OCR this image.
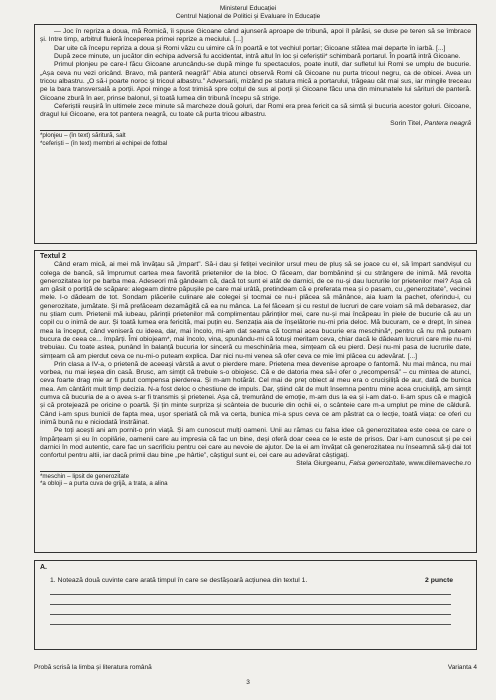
Ministerul Educației
Centrul Național de Politici și Evaluare în Educație

— Joc în repriza a doua, mă Romică, îi spuse Gicoane când ajunseră aproape de tribună, apoi îl părăsi, se duse pe teren să se îmbrace și. Intre timp, arbitrul fluieră începerea primei reprize a meciului. [...]

Dar uite că începu repriza a doua și Romi văzu cu uimire că în poartă e tot vechiul portar; Gicoane stătea mai departe în iarbă. [...]

După zece minute, un jucător din echipa adversă fu accidentat, intră altul în loc și ceferiștii* schimbară portarul. În poartă intră Gicoane.

Primul plonjeu pe care-l făcu Gicoane aruncându-se după minge fu spectaculos, poate inutil, dar sufletul lui Romi se umplu de bucurie. „Așa ceva nu vezi oricând. Bravo, mă panteră neagră!” Abia atunci observă Romi că Gicoane nu purta tricoul negru, ca de obicei. Avea un tricou albastru. „O să-i poarte noroc și tricoul albastru.” Adversarii, mizând pe statura mică a portarului, trăgeau cât mai sus, iar mingile treceau pe la bara transversală a porții. Apoi minge a fost trimisă spre colțul de sus al porții și Gicoane făcu una din minunatele lui sărituri de panteră. Gicoane zbură în aer, prinse balonul, și toată lumea din tribună începu să strige.

Ceferiștii reușiră în ultimele zece minute să marcheze două goluri, dar Romi era prea fericit ca să simtă și bucuria acestor goluri. Gicoane, dragul lui Gicoane, era tot pantera neagră, cu toate că purta tricou albastru.

Sorin Titel, Pantera neagră

*plonjeu – (în text) săritură, salt

*ceferiști – (în text) membri ai echipei de fotbal

Textul 2

Când eram mică, ai mei mă învățau să „împart”. Să-i dau și fetiței vecinilor ursul meu de pluș să se joace cu el, să împart sandvișul cu colega de bancă, să împrumut cartea mea favorită prietenilor de la bloc. O făceam, dar bombănind și cu strângere de inimă. Mă revolta generozitatea lor pe barba mea. Adeseori mă gândeam că, dacă tot sunt ei atât de darnici, de ce nu-și dau lucrurile lor prietenilor mei? Așa că am găsit o portiță de scăpare: alegeam dintre păpușile pe care mai urâtă, pretindeam că e preferata mea și o pasam, cu „generozitate”, vecinei mele. I-o dădeam de tot. Sondam plăcerile culinare ale colegei și tocmai ce nu-i plăcea să mănânce, aia luam la pachet, oferindu-i, cu generozitate, jumătate. Și mă prefăceam dezamăgită că ea nu mânca. La fel făceam și cu restul de lucruri de care voiam să mă debarasez, dar nu știam cum. Prietenii mă iubeau, părinții prietenilor mă complimentau părinților mei, care nu-și mai încăpeau în piele de bucurie că au un copil cu o inimă de aur. Și toată lumea era fericită, mai puțin eu. Senzația aia de înșelătorie nu-mi pria deloc. Mă bucuram, ce e drept, în sinea mea la început, când veniseră cu ideea, dar, mai încolo, mi-am dat seama că tocmai acea bucurie era meschină*, pentru că nu mă puteam bucura de ceea ce... împărți. Îmi obiojeam*, mai încolo, vina, spunându-mi că totuși meritam ceva, chiar dacă le dădeam lucruri care mie nu-mi trebuiau. Cu toate astea, punând în balanță bucuria lor sinceră cu meschinăria mea, simțeam că eu pierd. Deși nu-mi pasa de lucrurile date, simțeam că am pierdut ceva ce nu-mi-o puteam explica. Dar nici nu-mi venea să ofer ceva ce mie îmi plăcea cu adevărat. [...]

Prin clasa a IV-a, o prietenă de aceeași vârstă a avut o pierdere mare. Prietena mea devenise aproape o fantomă. Nu mai mânca, nu mai vorbea, nu mai ieșea din casă. Brusc, am simțit că trebuie s-o obiojesc. Că e de datoria mea să-i ofer o „recompensă” – cu mintea de atunci, ceva foarte drag mie ar fi putut compensa pierderea. Și m-am hotărât. Cel mai de preț obiect al meu era o crucișiliță de aur, dată de bunica mea. Am cântărit mult timp decizia. N-a fost deloc o chestiune de impuls. Dar, știind cât de mult însemna pentru mine acea cruciuliță, am simțit cumva că bucuria de a o avea s-ar fi transmis și prietenei. Așa că, tremurând de emoție, m-am dus la ea și i-am dat-o. Ii-am spus că e magică și că protejează pe oricine o poartă. Și țin minte surpriza și scânteia de bucurie din ochii ei, o scânteie care m-a umplut pe mine de căldură. Când i-am spus bunicii de fapta mea, ușor speriată că mă va certa, bunica mi-a spus ceva ce am păstrat ca o lecție, toată viața: ce oferi cu inimă bună nu e niciodată înstrăinat.

Pe toți acești ani am pornit-o prin viață. Și am cunoscut mulți oameni. Unii au rămas cu falsa idee că generozitatea este ceea ce care o împărțeam și eu în copilărie, oamenii care au impresia că fac un bine, deși oferă doar ceea ce le este de prisos. Dar i-am cunoscut și pe cei darnici în mod autentic, care fac un sacrificiu pentru cei care au nevoie de ajutor. De la ei am învățat că generozitatea nu înseamnă să-ți dai tot confortul pentru altii, iar dacă primii dau bine „pe hârtie”, câștigul sunt ei, cei care au adevărat câștigați.

Stela Giurgeanu, Falsa generozitate, www.dilemaveche.ro

*meschin – lipsit de generozitate

*a obloji – a purta cuva de grijă, a trata, a alina

A.

1. Notează două cuvinte care arată timpul în care se desfășoară acțiunea din textul 1.	2 puncte
Probă scrisă la limba și literatura română	Varianta 4
3
